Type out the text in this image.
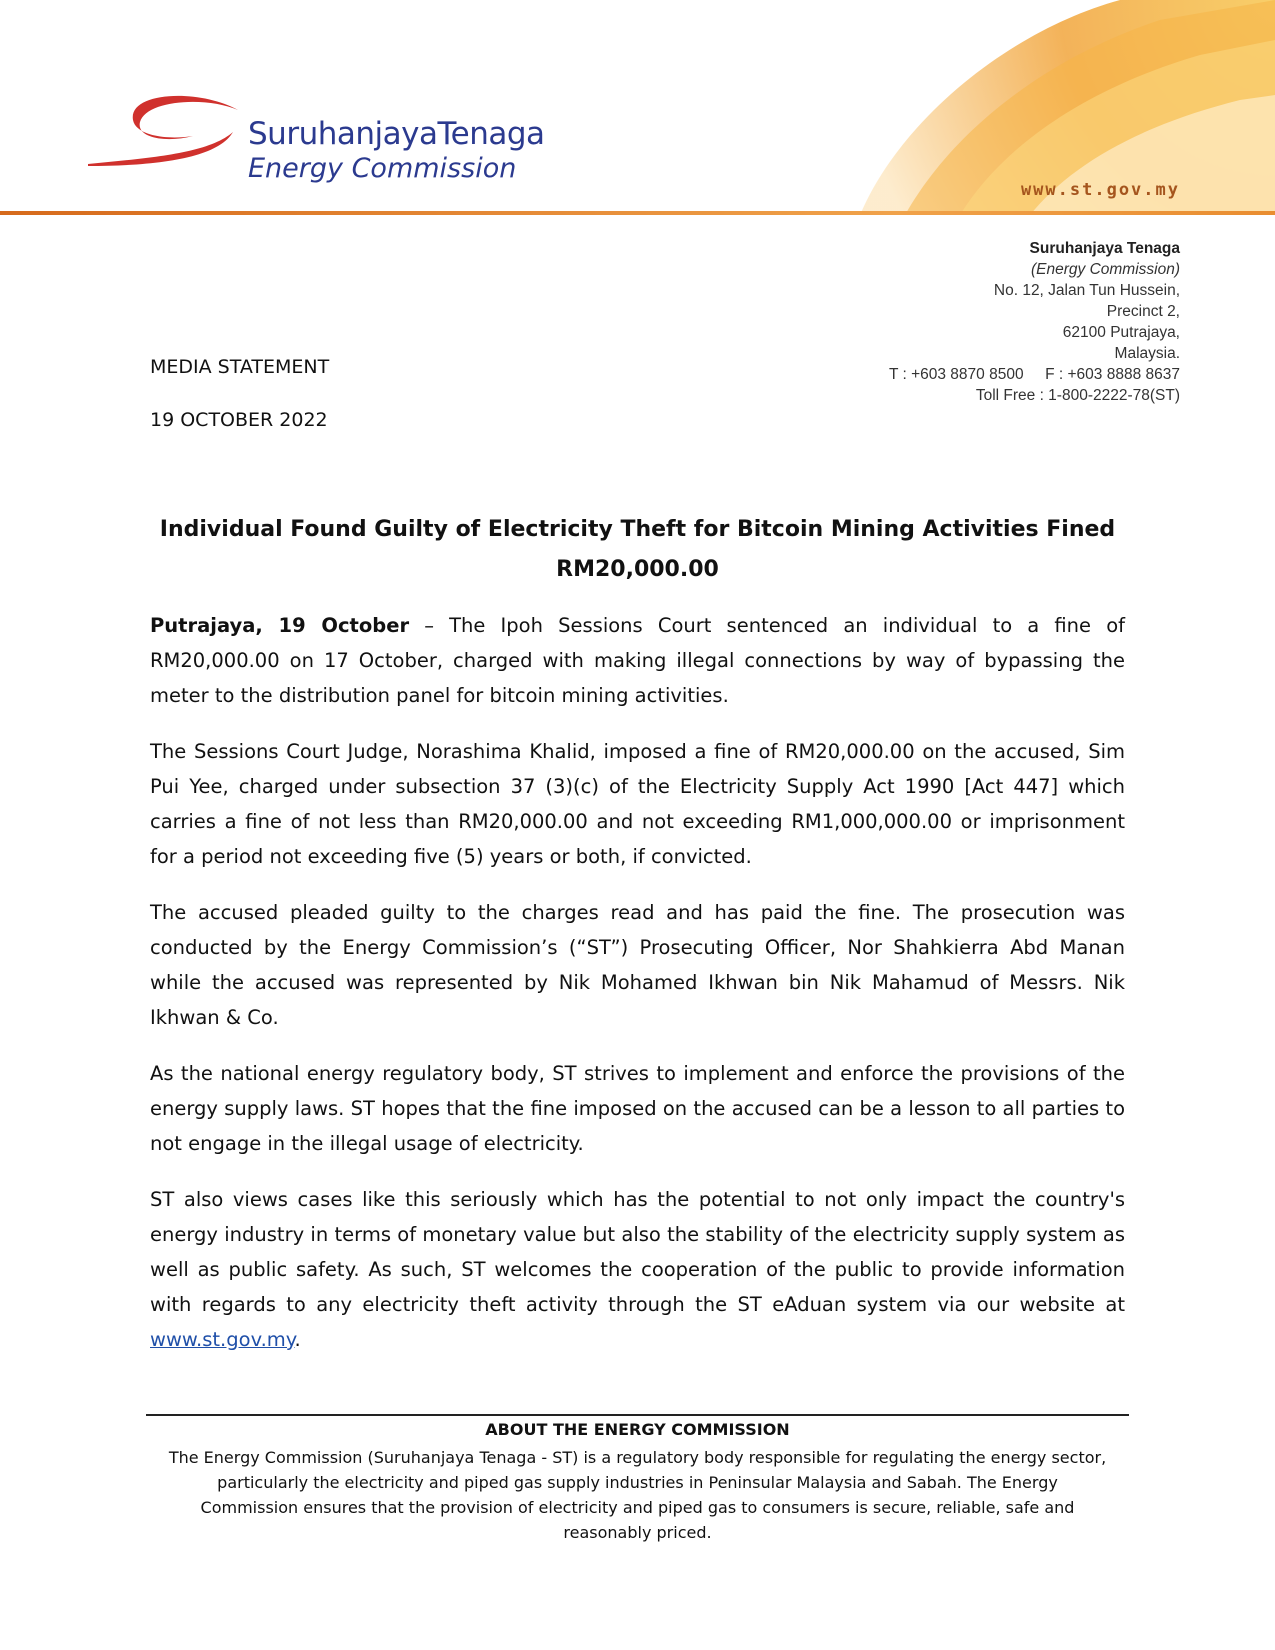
SuruhanjayaTenaga
Energy Commission
www.st.gov.my
Suruhanjaya Tenaga
(Energy Commission)
No. 12, Jalan Tun Hussein,
Precinct 2,
62100 Putrajaya,
Malaysia.
T : +603 8870 8500     F : +603 8888 8637
Toll Free : 1-800-2222-78(ST)
MEDIA STATEMENT
19 OCTOBER 2022
Individual Found Guilty of Electricity Theft for Bitcoin Mining Activities Fined RM20,000.00

Putrajaya, 19 October – The Ipoh Sessions Court sentenced an individual to a fine of RM20,000.00 on 17 October, charged with making illegal connections by way of bypassing the meter to the distribution panel for bitcoin mining activities.

The Sessions Court Judge, Norashima Khalid, imposed a fine of RM20,000.00 on the accused, Sim Pui Yee, charged under subsection 37 (3)(c) of the Electricity Supply Act 1990 [Act 447] which carries a fine of not less than RM20,000.00 and not exceeding RM1,000,000.00 or imprisonment for a period not exceeding five (5) years or both, if convicted.

The accused pleaded guilty to the charges read and has paid the fine. The prosecution was conducted by the Energy Commission’s (“ST”) Prosecuting Officer, Nor Shahkierra Abd Manan while the accused was represented by Nik Mohamed Ikhwan bin Nik Mahamud of Messrs. Nik Ikhwan & Co.

As the national energy regulatory body, ST strives to implement and enforce the provisions of the energy supply laws. ST hopes that the fine imposed on the accused can be a lesson to all parties to not engage in the illegal usage of electricity.

ST also views cases like this seriously which has the potential to not only impact the country's energy industry in terms of monetary value but also the stability of the electricity supply system as well as public safety. As such, ST welcomes the cooperation of the public to provide information with regards to any electricity theft activity through the ST eAduan system via our website at www.st.gov.my.

ABOUT THE ENERGY COMMISSION
The Energy Commission (Suruhanjaya Tenaga - ST) is a regulatory body responsible for regulating the energy sector, particularly the electricity and piped gas supply industries in Peninsular Malaysia and Sabah. The Energy Commission ensures that the provision of electricity and piped gas to consumers is secure, reliable, safe and reasonably priced.
